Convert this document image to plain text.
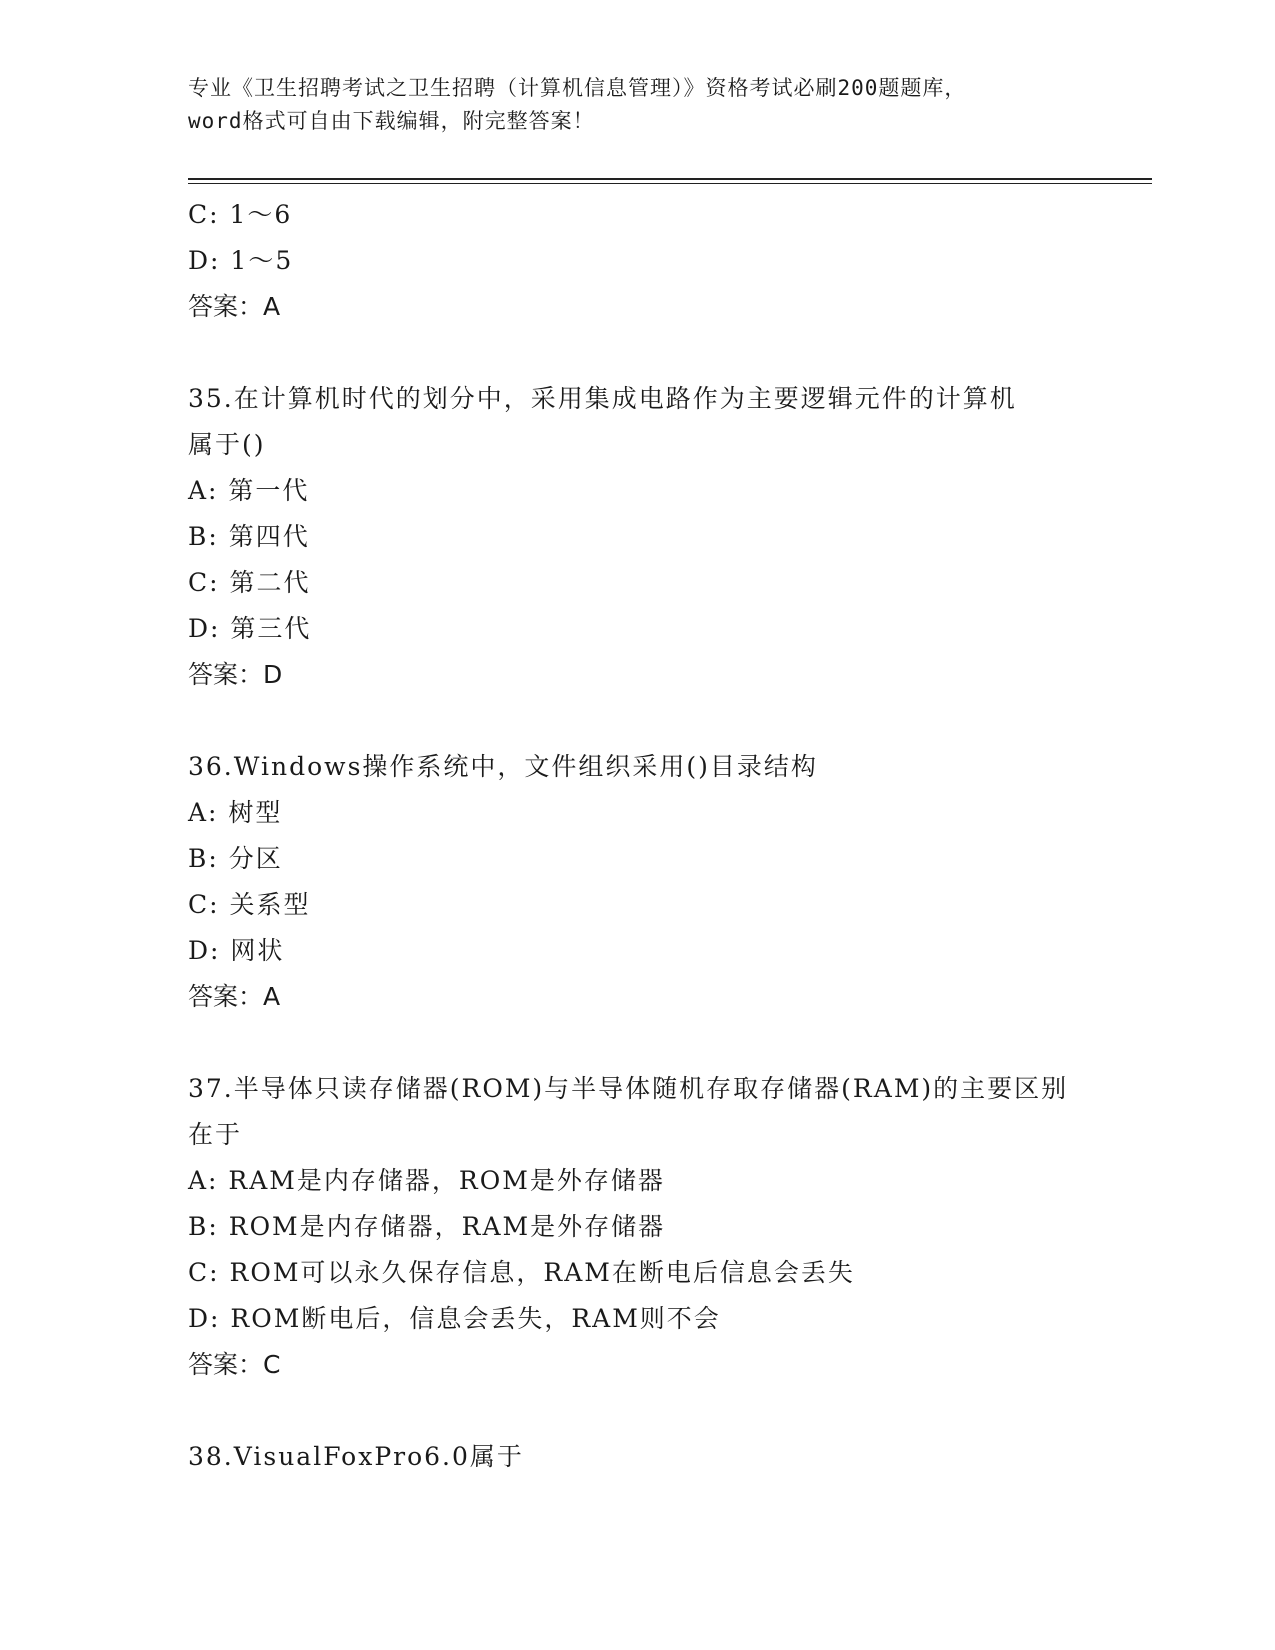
专业《卫生招聘考试之卫生招聘（计算机信息管理）》资格考试必刷200题题库，
word格式可自由下载编辑，附完整答案！
C: 1～6
D: 1～5
答案：A
35.在计算机时代的划分中，采用集成电路作为主要逻辑元件的计算机
属于()
A: 第一代
B: 第四代
C: 第二代
D: 第三代
答案：D
36.Windows操作系统中，文件组织采用()目录结构
A: 树型
B: 分区
C: 关系型
D: 网状
答案：A
37.半导体只读存储器(ROM)与半导体随机存取存储器(RAM)的主要区别
在于
A: RAM是内存储器，ROM是外存储器
B: ROM是内存储器，RAM是外存储器
C: ROM可以永久保存信息，RAM在断电后信息会丢失
D: ROM断电后，信息会丢失，RAM则不会
答案：C
38.VisualFoxPro6.0属于
